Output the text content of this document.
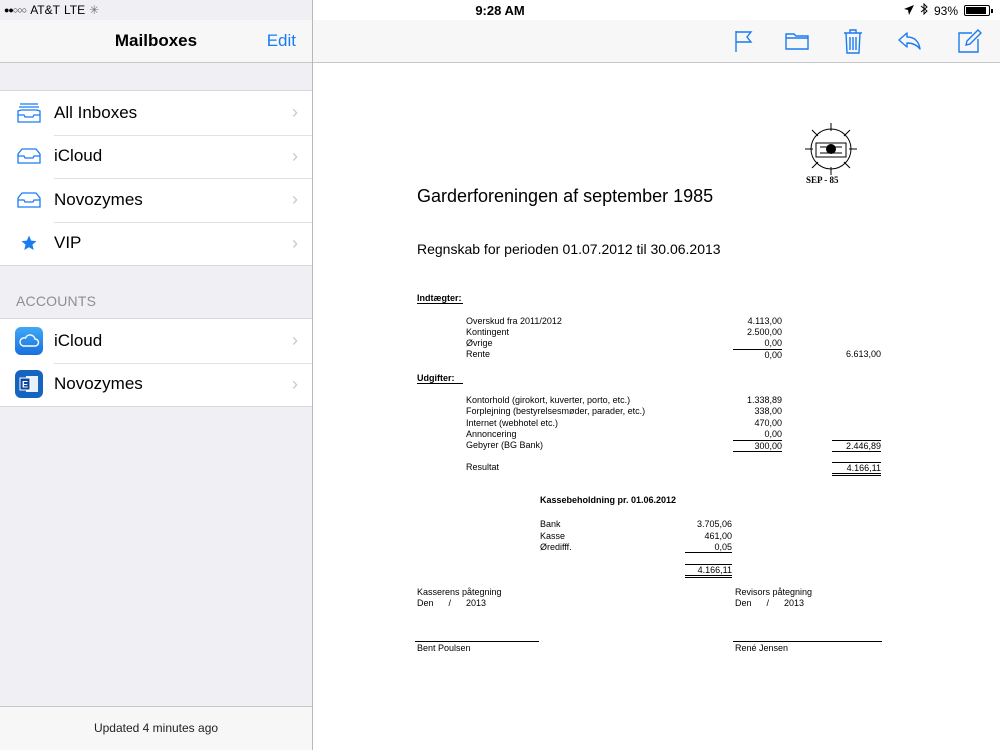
Mailboxes	Edit
All Inboxes	›
iCloud	›
Novozymes	›
VIP	›
ACCOUNTS
iCloud	›
E Novozymes	›
Updated 4 minutes ago
SEP - 85
Garderforeningen af september 1985
Regnskab for perioden 01.07.2012 til 30.06.2013
Indtægter:
Overskud fra 2011/2012	4.113,00
Kontingent	2.500,00
Øvrige	0,00
Rente	0,00	6.613,00
Udgifter:
Kontorhold (girokort, kuverter, porto, etc.)	1.338,89
Forplejning (bestyrelsesmøder, parader, etc.)	338,00
Internet (webhotel etc.)	470,00
Annoncering	0,00
Gebyrer (BG Bank)	300,00	2.446,89
Resultat	4.166,11
Kassebeholdning pr. 01.06.2012
Bank	3.705,06
Kasse	461,00
Øredifff.	0,05
4.166,11
Kasserens påtegning
Den      /      2013
Bent Poulsen
Revisors påtegning
Den      /      2013
René Jensen
●●○○○ AT&T LTE ✳	9:28 AM	93%
